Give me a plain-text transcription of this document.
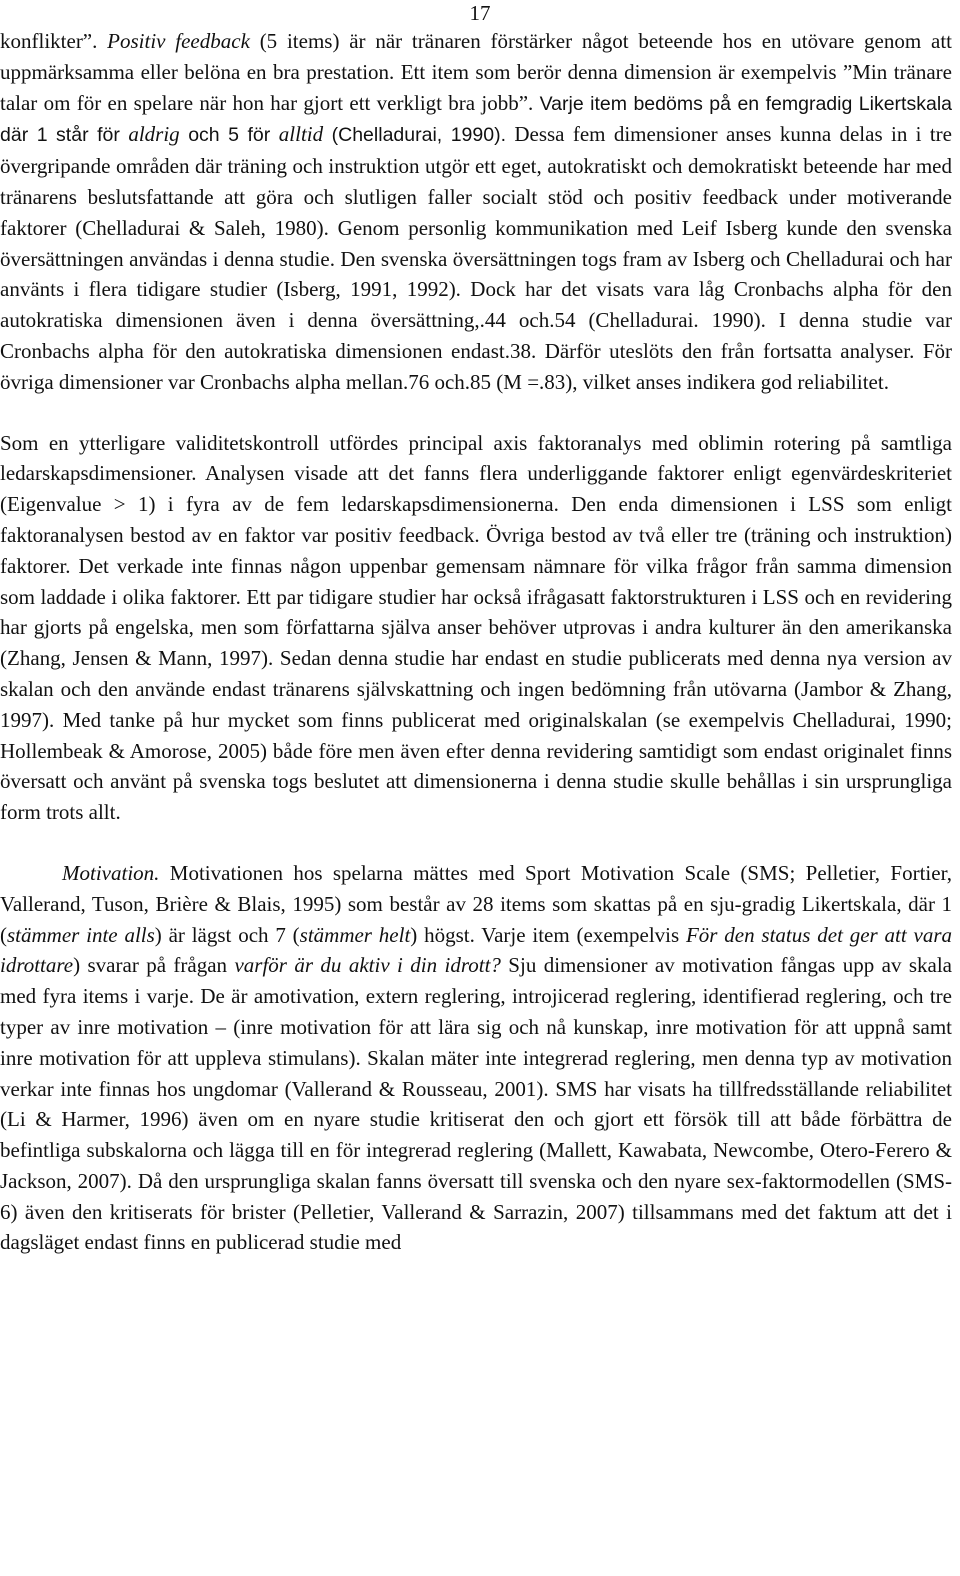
17

konflikter”. Positiv feedback (5 items) är när tränaren förstärker något beteende hos en utövare genom att uppmärksamma eller belöna en bra prestation. Ett item som berör denna dimension är exempelvis ”Min tränare talar om för en spelare när hon har gjort ett verkligt bra jobb”. Varje item bedöms på en femgradig Likertskala där 1 står för aldrig och 5 för alltid (Chelladurai, 1990). Dessa fem dimensioner anses kunna delas in i tre övergripande områden där träning och instruktion utgör ett eget, autokratiskt och demokratiskt beteende har med tränarens beslutsfattande att göra och slutligen faller socialt stöd och positiv feedback under motiverande faktorer (Chelladurai & Saleh, 1980). Genom personlig kommunikation med Leif Isberg kunde den svenska översättningen användas i denna studie. Den svenska översättningen togs fram av Isberg och Chelladurai och har använts i flera tidigare studier (Isberg, 1991, 1992). Dock har det visats vara låg Cronbachs alpha för den autokratiska dimensionen även i denna översättning,.44 och.54 (Chelladurai. 1990). I denna studie var Cronbachs alpha för den autokratiska dimensionen endast.38. Därför uteslöts den från fortsatta analyser. För övriga dimensioner var Cronbachs alpha mellan.76 och.85 (M =.83), vilket anses indikera god reliabilitet.

Som en ytterligare validitetskontroll utfördes principal axis faktoranalys med oblimin rotering på samtliga ledarskapsdimensioner. Analysen visade att det fanns flera underliggande faktorer enligt egenvärdeskriteriet (Eigenvalue > 1) i fyra av de fem ledarskapsdimensionerna. Den enda dimensionen i LSS som enligt faktoranalysen bestod av en faktor var positiv feedback. Övriga bestod av två eller tre (träning och instruktion) faktorer. Det verkade inte finnas någon uppenbar gemensam nämnare för vilka frågor från samma dimension som laddade i olika faktorer. Ett par tidigare studier har också ifrågasatt faktorstrukturen i LSS och en revidering har gjorts på engelska, men som författarna själva anser behöver utprovas i andra kulturer än den amerikanska (Zhang, Jensen & Mann, 1997). Sedan denna studie har endast en studie publicerats med denna nya version av skalan och den använde endast tränarens självskattning och ingen bedömning från utövarna (Jambor & Zhang, 1997). Med tanke på hur mycket som finns publicerat med originalskalan (se exempelvis Chelladurai, 1990; Hollembeak & Amorose, 2005) både före men även efter denna revidering samtidigt som endast originalet finns översatt och använt på svenska togs beslutet att dimensionerna i denna studie skulle behållas i sin ursprungliga form trots allt.

Motivation. Motivationen hos spelarna mättes med Sport Motivation Scale (SMS; Pelletier, Fortier, Vallerand, Tuson, Brière & Blais, 1995) som består av 28 items som skattas på en sju-gradig Likertskala, där 1 (stämmer inte alls) är lägst och 7 (stämmer helt) högst. Varje item (exempelvis För den status det ger att vara idrottare) svarar på frågan varför är du aktiv i din idrott? Sju dimensioner av motivation fångas upp av skala med fyra items i varje. De är amotivation, extern reglering, introjicerad reglering, identifierad reglering, och tre typer av inre motivation – (inre motivation för att lära sig och nå kunskap, inre motivation för att uppnå samt inre motivation för att uppleva stimulans). Skalan mäter inte integrerad reglering, men denna typ av motivation verkar inte finnas hos ungdomar (Vallerand & Rousseau, 2001). SMS har visats ha tillfredsställande reliabilitet (Li & Harmer, 1996) även om en nyare studie kritiserat den och gjort ett försök till att både förbättra de befintliga subskalorna och lägga till en för integrerad reglering (Mallett, Kawabata, Newcombe, Otero-Ferero & Jackson, 2007). Då den ursprungliga skalan fanns översatt till svenska och den nyare sex-faktormodellen (SMS-6) även den kritiserats för brister (Pelletier, Vallerand & Sarrazin, 2007) tillsammans med det faktum att det i dagsläget endast finns en publicerad studie med
